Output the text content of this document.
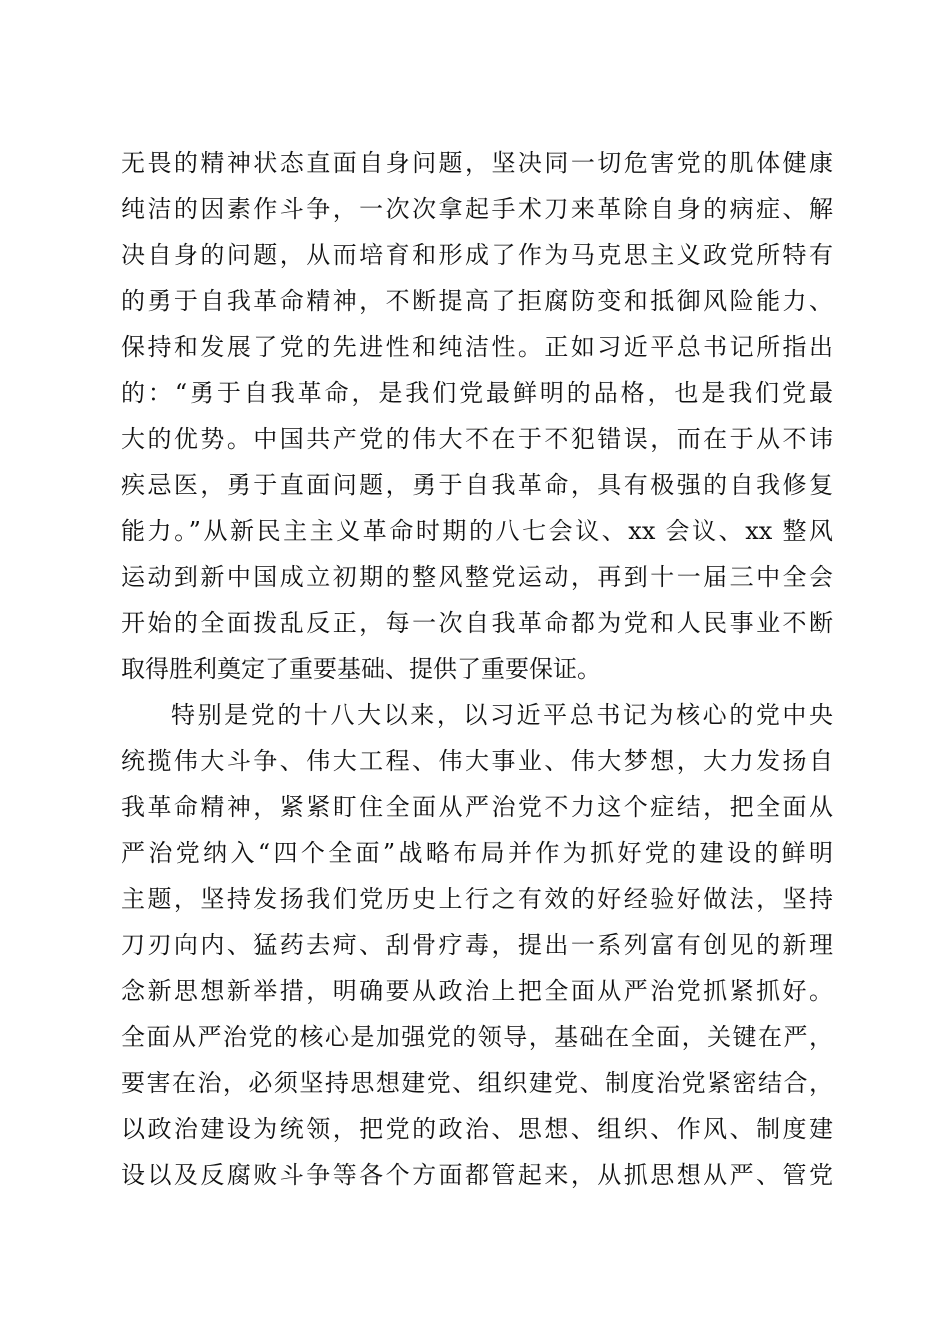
无畏的精神状态直面自身问题，坚决同一切危害党的肌体健康
纯洁的因素作斗争，一次次拿起手术刀来革除自身的病症、解
决自身的问题，从而培育和形成了作为马克思主义政党所特有
的勇于自我革命精神，不断提高了拒腐防变和抵御风险能力、
保持和发展了党的先进性和纯洁性。正如习近平总书记所指出
的：“勇于自我革命，是我们党最鲜明的品格，也是我们党最
大的优势。中国共产党的伟大不在于不犯错误，而在于从不讳
疾忌医，勇于直面问题，勇于自我革命，具有极强的自我修复
能力。”从新民主主义革命时期的八七会议、xx 会议、xx 整风
运动到新中国成立初期的整风整党运动，再到十一届三中全会
开始的全面拨乱反正，每一次自我革命都为党和人民事业不断
取得胜利奠定了重要基础、提供了重要保证。
特别是党的十八大以来，以习近平总书记为核心的党中央
统揽伟大斗争、伟大工程、伟大事业、伟大梦想，大力发扬自
我革命精神，紧紧盯住全面从严治党不力这个症结，把全面从
严治党纳入“四个全面”战略布局并作为抓好党的建设的鲜明
主题，坚持发扬我们党历史上行之有效的好经验好做法，坚持
刀刃向内、猛药去疴、刮骨疗毒，提出一系列富有创见的新理
念新思想新举措，明确要从政治上把全面从严治党抓紧抓好。
全面从严治党的核心是加强党的领导，基础在全面，关键在严，
要害在治，必须坚持思想建党、组织建党、制度治党紧密结合，
以政治建设为统领，把党的政治、思想、组织、作风、制度建
设以及反腐败斗争等各个方面都管起来，从抓思想从严、管党
